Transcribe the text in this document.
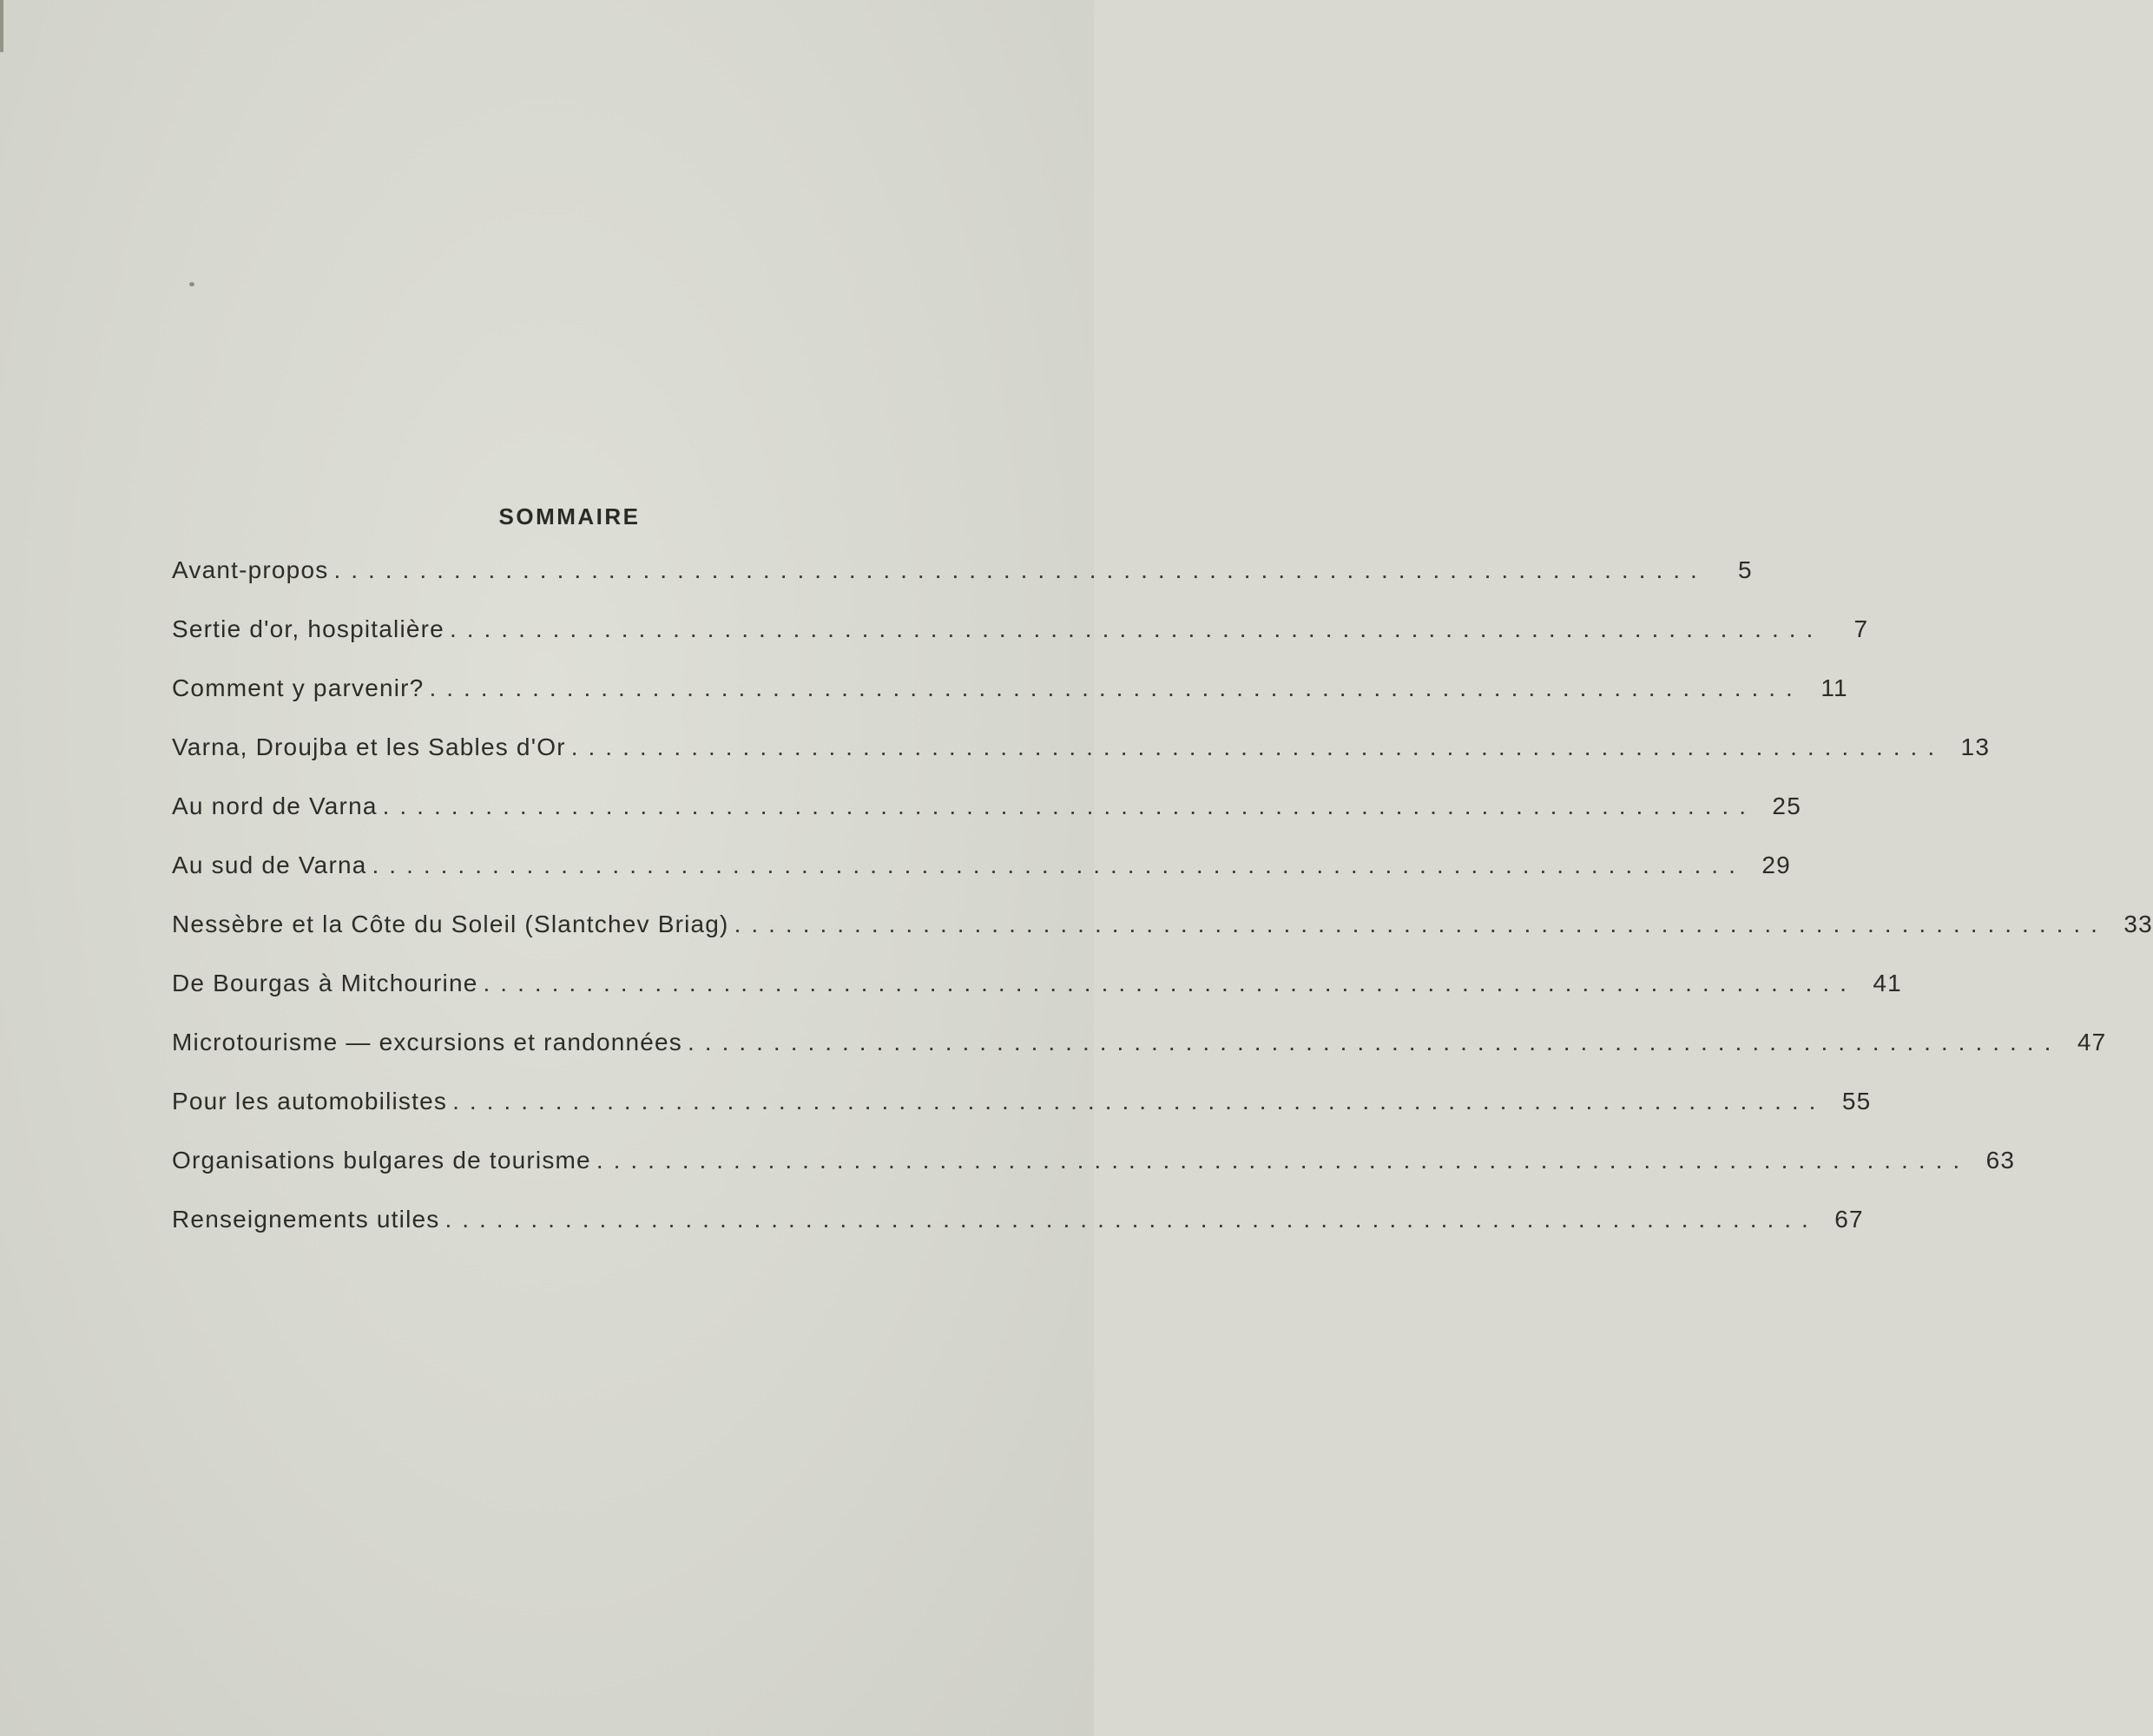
SOMMAIRE
Avant-propos ................................................................................	5
Sertie d'or, hospitalière ................................................................................	7
Comment y parvenir? ................................................................................ 11
Varna, Droujba et les Sables d'Or ................................................................................ 13
Au nord de Varna ................................................................................ 25
Au sud de Varna ................................................................................ 29
Nessèbre et la Côte du Soleil (Slantchev Briag) ................................................................................ 33
De Bourgas à Mitchourine ................................................................................ 41
Microtourisme — excursions et randonnées ................................................................................ 47
Pour les automobilistes ................................................................................ 55
Organisations bulgares de tourisme ................................................................................ 63
Renseignements utiles ................................................................................ 67
